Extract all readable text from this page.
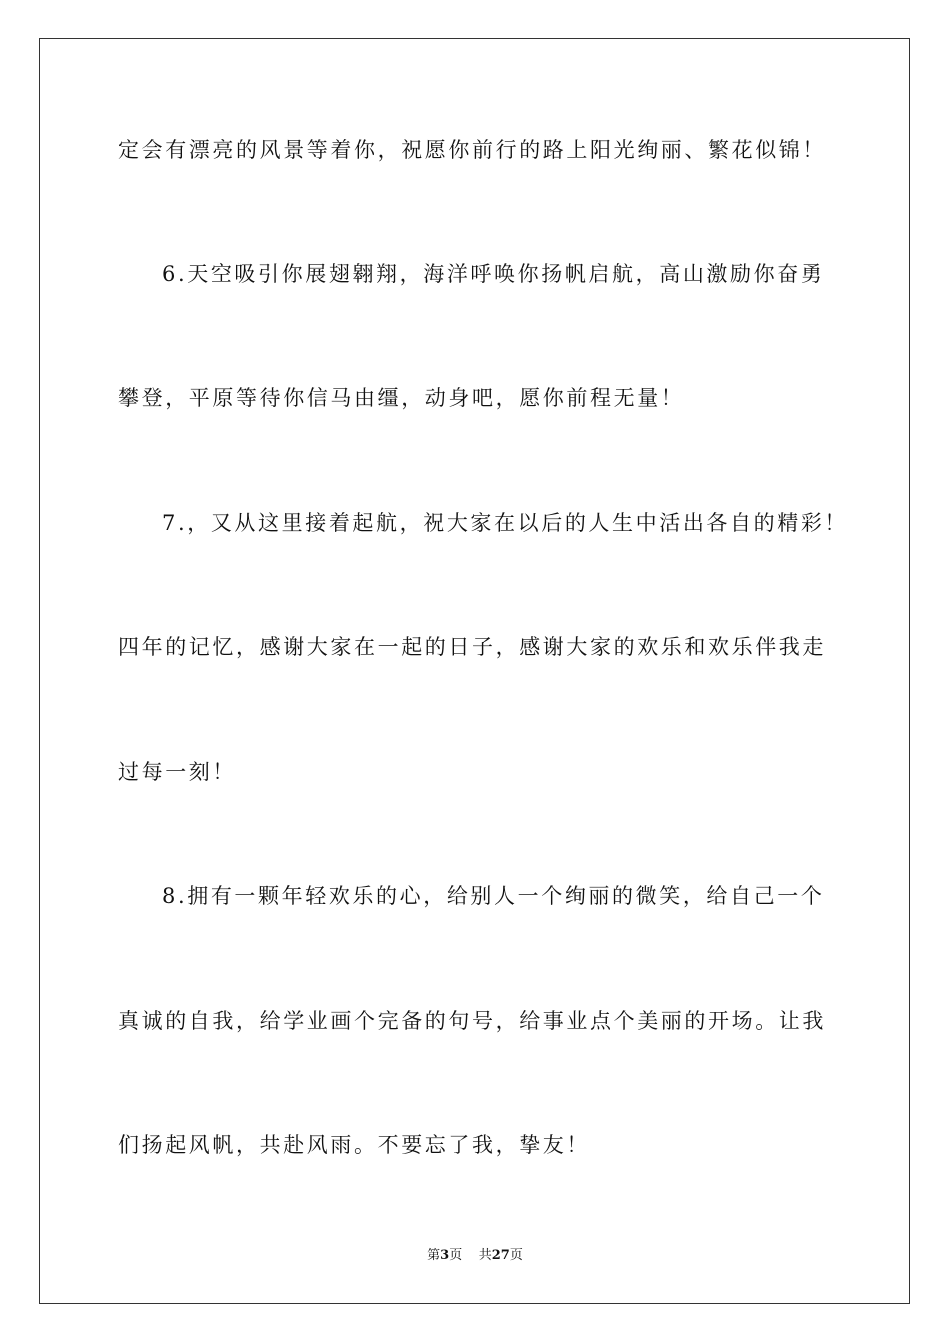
定会有漂亮的风景等着你，祝愿你前行的路上阳光绚丽、繁花似锦！
6.天空吸引你展翅翱翔，海洋呼唤你扬帆启航，高山激励你奋勇
攀登，平原等待你信马由缰，动身吧，愿你前程无量！
7.，又从这里接着起航，祝大家在以后的人生中活出各自的精彩！
四年的记忆，感谢大家在一起的日子，感谢大家的欢乐和欢乐伴我走
过每一刻！
8.拥有一颗年轻欢乐的心，给别人一个绚丽的微笑，给自己一个
真诚的自我，给学业画个完备的句号，给事业点个美丽的开场。让我
们扬起风帆，共赴风雨。不要忘了我，挚友！
第3页 共27页
